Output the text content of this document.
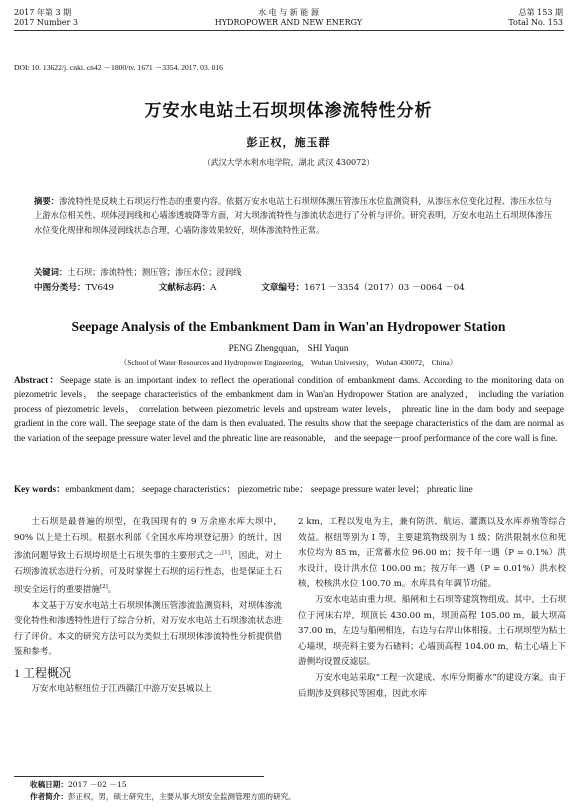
2017 年第 3 期
2017 Number 3
水 电 与 新 能 源
HYDROPOWER AND NEW ENERGY
总第 153 期
Total No. 153
DOI: 10. 13622/j. cnki. cn42 －1800/tv. 1671 －3354. 2017. 03. 016
万安水电站土石坝坝体渗流特性分析
彭正权，施玉群
（武汉大学水利水电学院，湖北 武汉 430072）
摘要：渗流特性是反映土石坝运行性态的重要内容。依据万安水电站土石坝坝体测压管渗压水位监测资料，从渗压水位变化过程、渗压水位与上游水位相关性、坝体浸润线和心墙渗透坡降等方面，对大坝渗流特性与渗流状态进行了分析与评价。研究表明，万安水电站土石坝坝体渗压水位变化规律和坝体浸润线状态合理，心墙防渗效果较好，坝体渗流特性正常。
关键词：土石坝；渗流特性；测压管；渗压水位；浸润线
中图分类号：TV649	文献标志码：A	文章编号：1671 －3354（2017）03 －0064 －04
Seepage Analysis of the Embankment Dam in Wan'an Hydropower Station
PENG Zhengquan， SHI Yuqun
（School of Water Resources and Hydropower Engineering， Wuhan University， Wuhan 430072， China）
Abstract：Seepage state is an important index to reflect the operational condition of embankment dams. According to the monitoring data on piezometric levels， the seepage characteristics of the embankment dam in Wan'an Hydropower Station are analyzed， including the variation process of piezometric levels， correlation between piezometric levels and upstream water levels， phreatic line in the dam body and seepage gradient in the core wall. The seepage state of the dam is then evaluated. The results show that the seepage characteristics of the dam are normal as the variation of the seepage pressure water level and the phreatic line are reasonable， and the seepage－proof performance of the core wall is fine.
Key words：embankment dam； seepage characteristics； piezometric tube； seepage pressure water level； phreatic line
土石坝是最普遍的坝型，在我国现有的 9 万余座水库大坝中，90% 以上是土石坝。根据水利部《全国水库垮坝登记册》的统计，因渗流问题导致土石坝垮坝是土石坝失事的主要形式之一[1]，因此，对土石坝渗流状态进行分析，可及时掌握土石坝的运行性态，也是保证土石坝安全运行的重要措施[2]。
本文基于万安水电站土石坝坝体测压管渗流监测资料，对坝体渗流变化特性和渗透特性进行了综合分析，对万安水电站土石坝渗流状态进行了评价。本文的研究方法可以为类似土石坝坝体渗流特性分析提供借鉴和参考。
1 工程概况
万安水电站枢纽位于江西赣江中游万安县城以上
2 km，工程以发电为主，兼有防洪、航运、灌溉以及水库养殖等综合效益。枢纽等别为 Ⅰ 等，主要建筑物级别为 1 级；防洪限制水位和死水位均为 85 m，正常蓄水位 96.00 m；按千年一遇（P = 0.1%）洪水设计，设计洪水位 100.00 m；按万年一遇（P = 0.01%）洪水校核，校核洪水位 100.70 m。水库具有年调节功能。
万安水电站由重力坝、船闸和土石坝等建筑物组成。其中，土石坝位于河床右岸，坝顶长 430.00 m，坝顶高程 105.00 m，最大坝高 37.00 m，左边与船闸相连，右边与右岸山体相接。土石坝坝型为粘土心墙坝，坝壳料主要为石碴料；心墙顶高程 104.00 m，粘土心墙上下游侧均设置反滤层。
万安水电站采取“工程一次建成、水库分期蓄水”的建设方案。由于后期涉及到移民等困难，因此水库
收稿日期：2017 －02 －15
作者简介：彭正权，男，硕士研究生，主要从事大坝安全监测管理方面的研究。
